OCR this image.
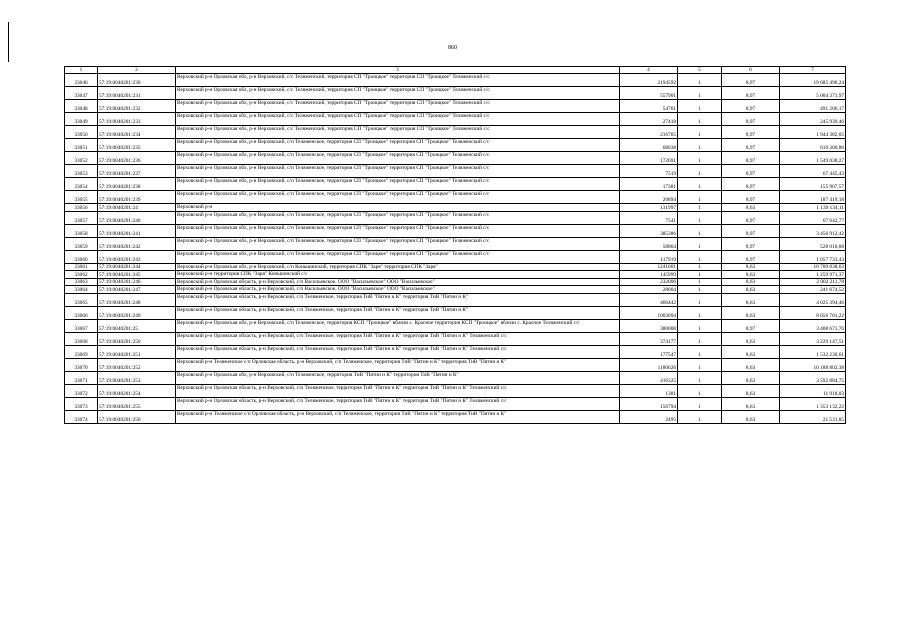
860
1	2	3	4	5	6	7
33046	57:19:0040201:230	Верховский р-н Орловская обл, р-н Верховский, с/с Теляженский, территория СП "Троицкое" территория СП "Троицкое" Теляженский с/с	2194592	1	8,97	19 685 490,24
33047	57:19:0040201:231	Верховский р-н Орловская обл, р-н Верховский, с/с Теляженский, территория СП "Троицкое" территория СП "Троицкое" Теляженский с/с	557901	1	8,97	5 004 371,97
33048	57:19:0040201:232	Верховский р-н Орловская обл, р-н Верховский, с/с Теляженский, территория СП "Троицкое" территория СП "Троицкое" Теляженский с/с	54761	1	8,97	491 206,17
33049	57:19:0040201:233	Верховский р-н Орловская обл, р-н Верховский, с/с Теляженский, территория СП "Троицкое" территория СП "Троицкое" Теляженский с/с	27418	1	8,97	245 939,46
33050	57:19:0040201:234	Верховский р-н Орловская обл, р-н Верховский, с/с Теляженский, территория СП "Троицкое" территория СП "Троицкое" Теляженский с/с	216765	1	8,97	1 944 382,05
33051	57:19:0040201:235	Верховский р-н Орловская обл, р-н Верховский, с/п Теляженское, территория СП "Троицкое" территория СП "Троицкое" Теляженский с/с	68038	1	8,97	610 300,86
33052	57:19:0040201:236	Верховский р-н Орловская обл, р-н Верховский, с/п Теляженское, территория СП "Троицкое" территория СП "Троицкое" Теляженский с/с	172691	1	8,97	1 549 038,27
33053	57:19:0040201:237	Верховский р-н Орловская обл, р-н Верховский, с/п Теляженское, территория СП "Троицкое" территория СП "Троицкое" Теляженский с/с	7519	1	8,97	67 445,43
33054	57:19:0040201:238	Верховский р-н Орловская обл, р-н Верховский, с/п Теляженское, территория СП "Троицкое" территория СП "Троицкое" Теляженский с/с	17381	1	8,97	155 907,57
33055	57:19:0040201:239	Верховский р-н Орловская обл, р-н Верховский, с/п Теляженское, территория СП "Троицкое" территория СП "Троицкое" Теляженский с/с	20894	1	8,97	187 419,18
33056	57:19:0040201:24	Верховский р-н	131997	1	8,63	1 139 134,11
33057	57:19:0040201:240	Верховский р-н Орловская обл, р-н Верховский, с/п Теляженское, территория СП "Троицкое" территория СП "Троицкое" Теляженский с/с	7541	1	8,97	67 642,77
33058	57:19:0040201:241	Верховский р-н Орловская обл, р-н Верховский, с/п Теляженское, территория СП "Троицкое" территория СП "Троицкое" Теляженский с/с	385386	1	8,97	3 456 912,42
33059	57:19:0040201:242	Верховский р-н Орловская обл, р-н Верховский, с/п Теляженское, территория СП "Троицкое" территория СП "Троицкое" Теляженский с/с	58864	1	8,97	528 010,08
33060	57:19:0040201:243	Верховский р-н Орловская обл, р-н Верховский, с/п Теляженское, территория СП "Троицкое" территория СП "Троицкое" Теляженский с/с	117919	1	8,97	1 057 733,43
33061	57:19:0040201:244	Верховский р-н Орловская обл, р-н Верховский, с/п Коньшинский, территория СПК "Заря" территория СПК "Заря"	1241001	1	8,63	10 709 838,63
33062	57:19:0040201:245	Верховский р-н территория СПК "Заря" Коньшинский с/с	145999	1	8,63	1 259 971,37
33063	57:19:0040201:246	Верховский р-н Орловская область, р-н Верховский, с/п Васильевское, ООО "Васильевское" ООО "Васильевское"	232006	1	8,63	2 002 211,78
33064	57:19:0040201:247	Верховский р-н Орловская область, р-н Верховский, с/п Васильевское, ООО "Васильевское" ООО "Васильевское"	28004	1	8,63	241 674,52
33065	57:19:0040201:248	Верховский р-н Орловская область, р-н Верховский, с/п Теляженское, территория ТиВ "Пятин и К" территория ТиВ "Пятин и К"	466442	1	8,63	4 025 394,46
33066	57:19:0040201:249	Верховский р-н Орловская область, р-н Верховский, с/п Теляженское, территория ТиВ "Пятин и К" территория ТиВ "Пятин и К"	1003094	1	8,63	8 656 701,22
33067	57:19:0040201:25	Верховский р-н Орловская обл, р-н Верховский, с/п Теляженское, территория КСП "Троицкое" вблизи с. Красное территория КСП "Троицкое" вблизи с. Красное Теляженский с/с	380008	1	8,97	3 408 671,76
33068	57:19:0040201:250	Верховский р-н Орловская область, р-н Верховский, с/п Теляженское, территория ТиВ "Пятин и К" территория ТиВ "Пятин и К" Теляженский с/с	374177	1	8,63	3 229 147,51
33069	57:19:0040201:251	Верховский р-н Орловская область, р-н Верховский, с/п Теляженское, территория ТиВ "Пятин и К" территория ТиВ "Пятин и К" Теляженский с/с	177547	1	8,63	1 532 230,61
33070	57:19:0040201:252	Верховский р-н Теляженское с/п Орловская область, р-н Верховский, с/п Теляженское, территория ТиВ "Пятин и К" территория ТиВ "Пятин и К"	1180626	1	8,63	10 188 802,38
33071	57:19:0040201:253	Верховский р-н Орловская обл, р-н Верховский, с/п Теляженское, территория ТиВ "Пятин и К" территория ТиВ "Пятин и К"	416325	1	8,63	3 592 884,75
33072	57:19:0040201:254	Верховский р-н Орловская область, р-н Верховский, с/п Теляженское, территория ТиВ "Пятин и К" территория ТиВ "Пятин и К" Теляженский с/с	1381	1	8,63	11 918,03
33073	57:19:0040201:255	Верховский р-н Орловская область, р-н Верховский, с/п Теляженское, территория ТиВ "Пятин и К" территория ТиВ "Пятин и К" Теляженский с/с	156794	1	8,63	1 353 132,22
33074	57:19:0040201:256	Верховский р-н Теляженское с/п Орловская область, р-н Верховский, с/п Теляженское, территория ТиВ "Пятин и К" территория ТиВ "Пятин и К"	2495	1	8,63	21 531,85
